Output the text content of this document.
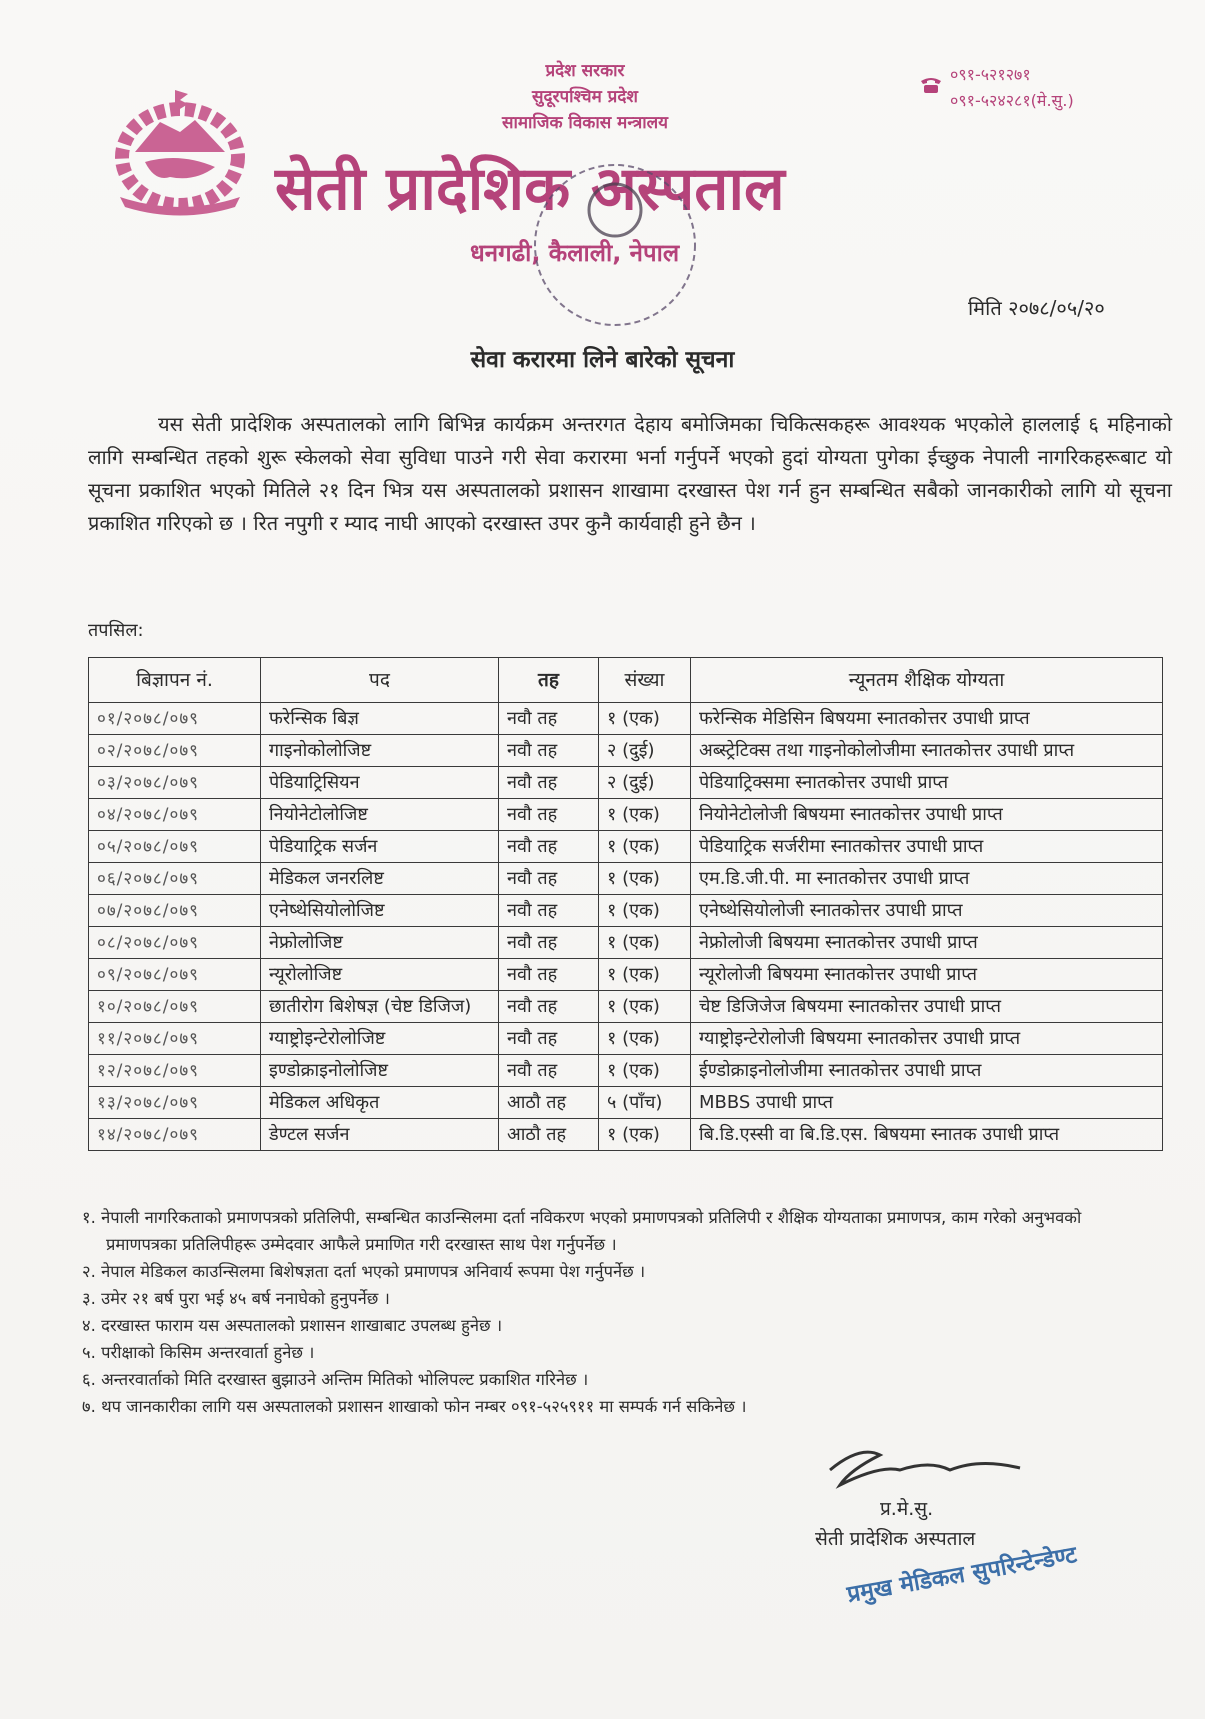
प्रदेश सरकार
सुदूरपश्चिम प्रदेश
सामाजिक विकास मन्त्रालय
०९१-५२१२७१
०९१-५२४२८१(मे.सु.)
सेती प्रादेशिक अस्पताल
धनगढी, कैलाली, नेपाल
मिति २०७८/०५/२०
सेवा करारमा लिने बारेको सूचना
यस सेती प्रादेशिक अस्पतालको लागि बिभिन्न कार्यक्रम अन्तरगत देहाय बमोजिमका चिकित्सकहरू आवश्यक भएकोले हाललाई ६ महिनाको लागि सम्बन्धित तहको शुरू स्केलको सेवा सुविधा पाउने गरी सेवा करारमा भर्ना गर्नुपर्ने भएको हुदां योग्यता पुगेका ईच्छुक नेपाली नागरिकहरूबाट यो सूचना प्रकाशित भएको मितिले २१ दिन भित्र यस अस्पतालको प्रशासन शाखामा दरखास्त पेश गर्न हुन सम्बन्धित सबैको जानकारीको लागि यो सूचना प्रकाशित गरिएको छ । रित नपुगी र म्याद नाघी आएको दरखास्त उपर कुनै कार्यवाही हुने छैन ।
तपसिल:
बिज्ञापन नं.	पद	तह	संख्या	न्यूनतम शैक्षिक योग्यता
०१/२०७८/०७९	फरेन्सिक बिज्ञ	नवौ तह	१ (एक)	फरेन्सिक मेडिसिन बिषयमा स्नातकोत्तर उपाधी प्राप्त
०२/२०७८/०७९	गाइनोकोलोजिष्ट	नवौ तह	२ (दुई)	अब्स्ट्रेटिक्स तथा गाइनोकोलोजीमा स्नातकोत्तर उपाधी प्राप्त
०३/२०७८/०७९	पेडियाट्रिसियन	नवौ तह	२ (दुई)	पेडियाट्रिक्समा स्नातकोत्तर उपाधी प्राप्त
०४/२०७८/०७९	नियोनेटोलोजिष्ट	नवौ तह	१ (एक)	नियोनेटोलोजी बिषयमा स्नातकोत्तर उपाधी प्राप्त
०५/२०७८/०७९	पेडियाट्रिक सर्जन	नवौ तह	१ (एक)	पेडियाट्रिक सर्जरीमा स्नातकोत्तर उपाधी प्राप्त
०६/२०७८/०७९	मेडिकल जनरलिष्ट	नवौ तह	१ (एक)	एम.डि.जी.पी. मा स्नातकोत्तर उपाधी प्राप्त
०७/२०७८/०७९	एनेष्थेसियोलोजिष्ट	नवौ तह	१ (एक)	एनेष्थेसियोलोजी स्नातकोत्तर उपाधी प्राप्त
०८/२०७८/०७९	नेफ्रोलोजिष्ट	नवौ तह	१ (एक)	नेफ्रोलोजी बिषयमा स्नातकोत्तर उपाधी प्राप्त
०९/२०७८/०७९	न्यूरोलोजिष्ट	नवौ तह	१ (एक)	न्यूरोलोजी बिषयमा स्नातकोत्तर उपाधी प्राप्त
१०/२०७८/०७९	छातीरोग बिशेषज्ञ (चेष्ट डिजिज)	नवौ तह	१ (एक)	चेष्ट डिजिजेज बिषयमा स्नातकोत्तर उपाधी प्राप्त
११/२०७८/०७९	ग्याष्ट्रोइन्टेरोलोजिष्ट	नवौ तह	१ (एक)	ग्याष्ट्रोइन्टेरोलोजी बिषयमा स्नातकोत्तर उपाधी प्राप्त
१२/२०७८/०७९	इण्डोक्राइनोलोजिष्ट	नवौ तह	१ (एक)	ईण्डोक्राइनोलोजीमा स्नातकोत्तर उपाधी प्राप्त
१३/२०७८/०७९	मेडिकल अधिकृत	आठौ तह	५ (पाँच)	MBBS उपाधी प्राप्त
१४/२०७८/०७९	डेण्टल सर्जन	आठौ तह	१ (एक)	बि.डि.एस्सी वा बि.डि.एस. बिषयमा स्नातक उपाधी प्राप्त
१. नेपाली नागरिकताको प्रमाणपत्रको प्रतिलिपी, सम्बन्धित काउन्सिलमा दर्ता नविकरण भएको प्रमाणपत्रको प्रतिलिपी र शैक्षिक योग्यताका प्रमाणपत्र, काम गरेको अनुभवको प्रमाणपत्रका प्रतिलिपीहरू उम्मेदवार आफैले प्रमाणित गरी दरखास्त साथ पेश गर्नुपर्नेछ ।
२. नेपाल मेडिकल काउन्सिलमा बिशेषज्ञता दर्ता भएको प्रमाणपत्र अनिवार्य रूपमा पेश गर्नुपर्नेछ ।
३. उमेर २१ बर्ष पुरा भई ४५ बर्ष ननाघेको हुनुपर्नेछ ।
४. दरखास्त फाराम यस अस्पतालको प्रशासन शाखाबाट उपलब्ध हुनेछ ।
५. परीक्षाको किसिम अन्तरवार्ता हुनेछ ।
६. अन्तरवार्ताको मिति दरखास्त बुझाउने अन्तिम मितिको भोलिपल्ट प्रकाशित गरिनेछ ।
७. थप जानकारीका लागि यस अस्पतालको प्रशासन शाखाको फोन नम्बर ०९१-५२५९११ मा सम्पर्क गर्न सकिनेछ ।
प्र.मे.सु.
सेती प्रादेशिक अस्पताल
प्रमुख मेडिकल सुपरिन्टेन्डेण्ट
